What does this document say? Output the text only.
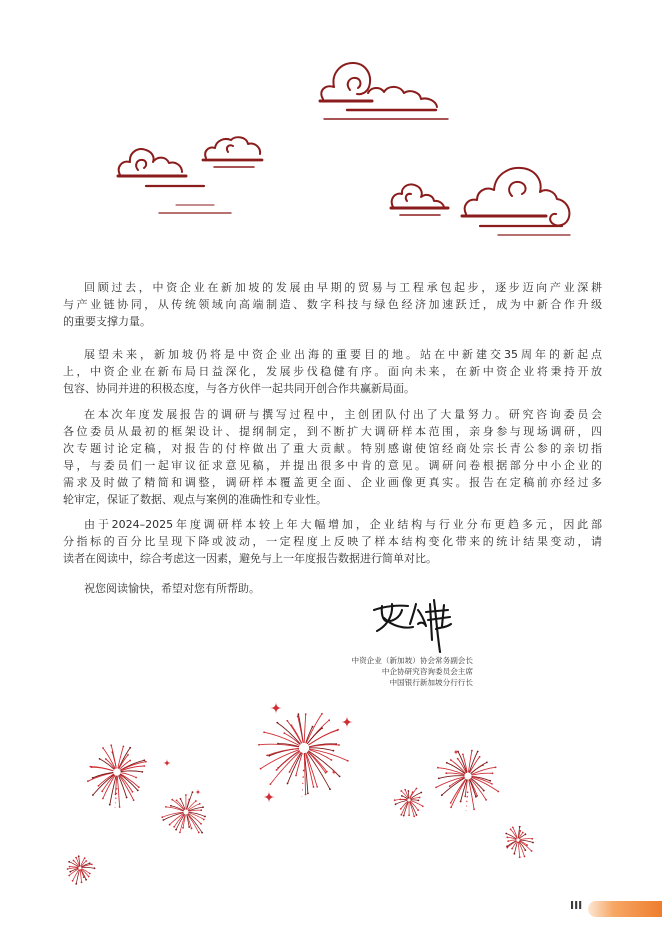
回顾过去，中资企业在新加坡的发展由早期的贸易与工程承包起步，逐步迈向产业深耕
与产业链协同，从传统领域向高端制造、数字科技与绿色经济加速跃迁，成为中新合作升级
的重要支撑力量。
展望未来，新加坡仍将是中资企业出海的重要目的地。站在中新建交35周年的新起点
上，中资企业在新布局日益深化，发展步伐稳健有序。面向未来，在新中资企业将秉持开放
包容、协同并进的积极态度，与各方伙伴一起共同开创合作共赢新局面。
在本次年度发展报告的调研与撰写过程中，主创团队付出了大量努力。研究咨询委员会
各位委员从最初的框架设计、提纲制定，到不断扩大调研样本范围，亲身参与现场调研，四
次专题讨论定稿，对报告的付梓做出了重大贡献。特别感谢使馆经商处宗长青公参的亲切指
导，与委员们一起审议征求意见稿，并提出很多中肯的意见。调研问卷根据部分中小企业的
需求及时做了精简和调整，调研样本覆盖更全面、企业画像更真实。报告在定稿前亦经过多
轮审定，保证了数据、观点与案例的准确性和专业性。
由于2024–2025年度调研样本较上年大幅增加，企业结构与行业分布更趋多元，因此部
分指标的百分比呈现下降或波动，一定程度上反映了样本结构变化带来的统计结果变动，请
读者在阅读中，综合考虑这一因素，避免与上一年度报告数据进行简单对比。
祝您阅读愉快，希望对您有所帮助。
中资企业（新加坡）协会常务副会长
中企协研究咨询委员会主席
中国银行新加坡分行行长
III
